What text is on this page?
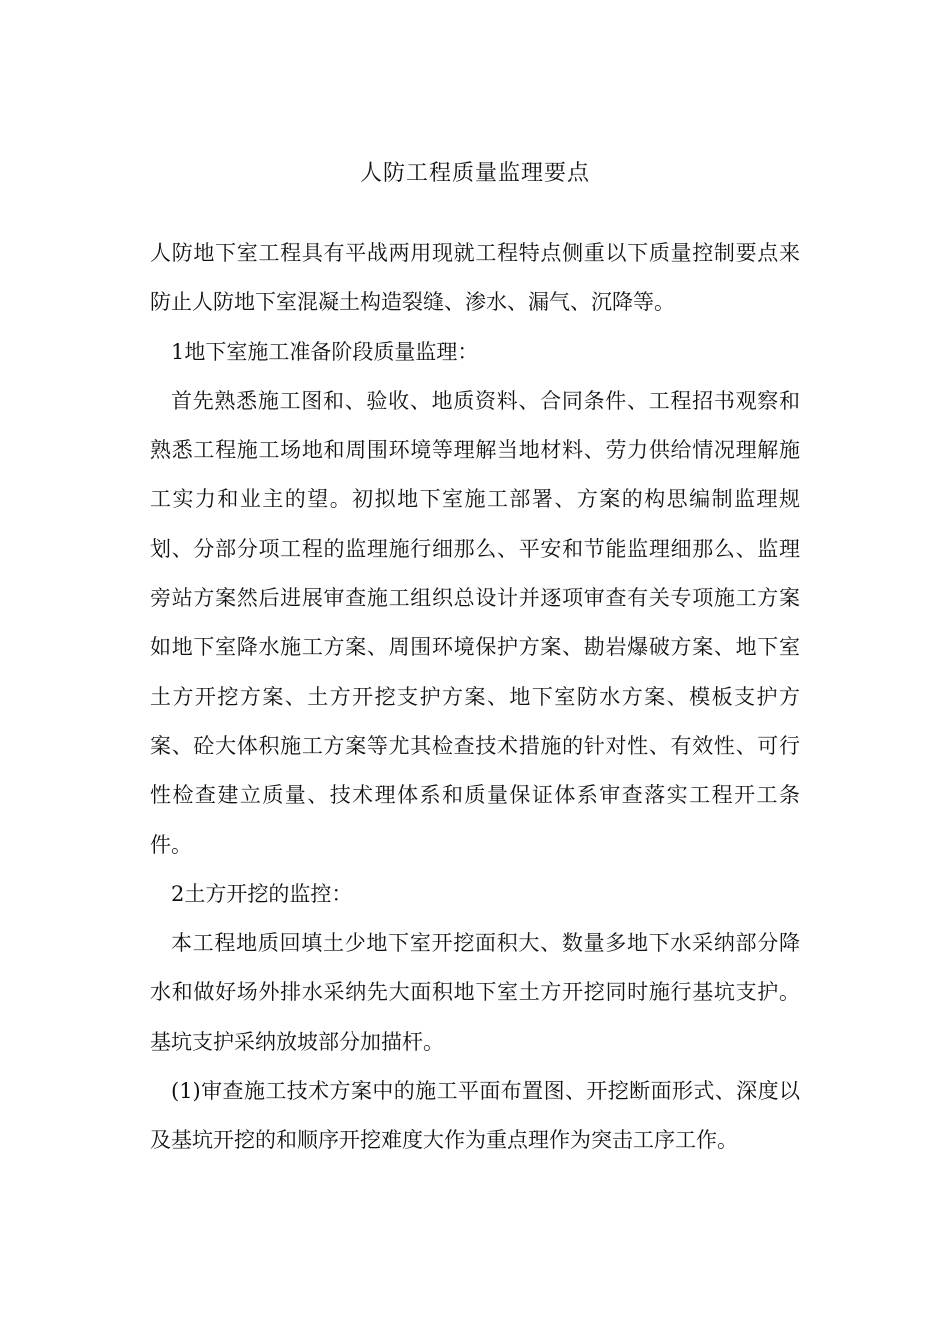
人防工程质量监理要点

人防地下室工程具有平战两用现就工程特点侧重以下质量控制要点来防止人防地下室混凝土构造裂缝、渗水、漏气、沉降等。

1地下室施工准备阶段质量监理：

首先熟悉施工图和、验收、地质资料、合同条件、工程招书观察和熟悉工程施工场地和周围环境等理解当地材料、劳力供给情况理解施工实力和业主的望。初拟地下室施工部署、方案的构思编制监理规划、分部分项工程的监理施行细那么、平安和节能监理细那么、监理旁站方案然后进展审查施工组织总设计并逐项审查有关专项施工方案如地下室降水施工方案、周围环境保护方案、勘岩爆破方案、地下室土方开挖方案、土方开挖支护方案、地下室防水方案、模板支护方案、砼大体积施工方案等尤其检查技术措施的针对性、有效性、可行性检查建立质量、技术理体系和质量保证体系审查落实工程开工条件。

2土方开挖的监控：

本工程地质回填土少地下室开挖面积大、数量多地下水采纳部分降水和做好场外排水采纳先大面积地下室土方开挖同时施行基坑支护。基坑支护采纳放坡部分加描杆。

(1)审查施工技术方案中的施工平面布置图、开挖断面形式、深度以及基坑开挖的和顺序开挖难度大作为重点理作为突击工序工作。
